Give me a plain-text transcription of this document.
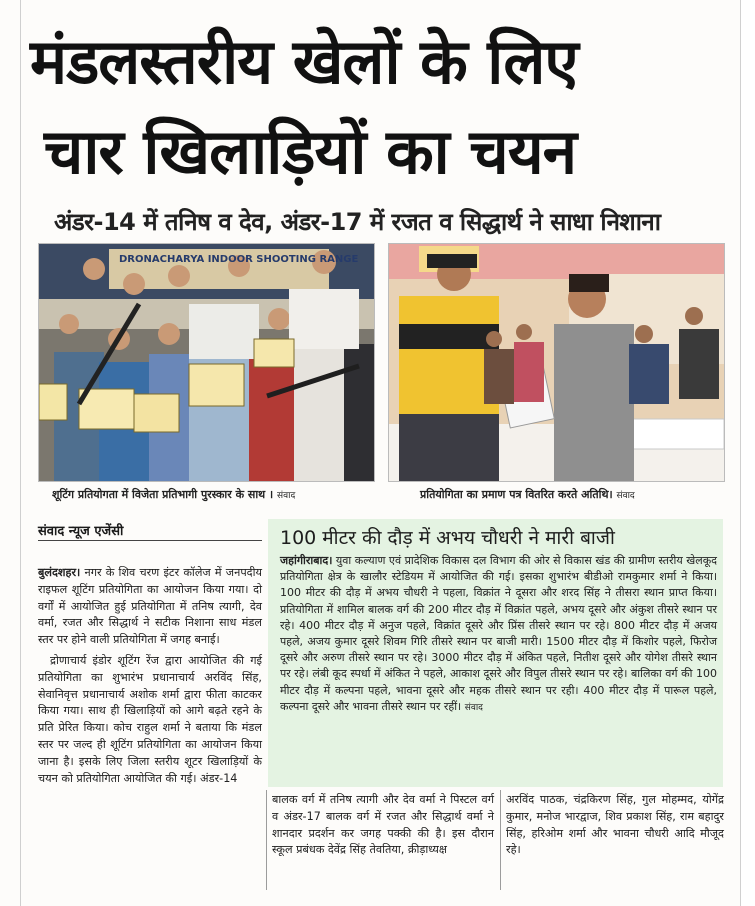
मंडलस्तरीय खेलों के लिए
चार खिलाड़ियों का चयन
अंडर-14 में तनिष व देव, अंडर-17 में रजत व सिद्धार्थ ने साधा निशाना
DRONACHARYA INDOOR SHOOTING RANGE
शूटिंग प्रतियोगता में विजेता प्रतिभागी पुरस्कार के साथ । संवाद	प्रतियोगिता का प्रमाण पत्र वितरित करते अतिथि। संवाद
संवाद न्यूज एजेंसी
बुलंदशहर। नगर के शिव चरण इंटर कॉलेज में जनपदीय राइफल शूटिंग प्रतियोगिता का आयोजन किया गया। दो वर्गों में आयोजित हुई प्रतियोगिता में तनिष त्यागी, देव वर्मा, रजत और सिद्धार्थ ने सटीक निशाना साध मंडल स्तर पर होने वाली प्रतियोगिता में जगह बनाई।
द्रोणाचार्य इंडोर शूटिंग रेंज द्वारा आयोजित की गई प्रतियोगिता का शुभारंभ प्रधानाचार्य अरविंद सिंह, सेवानिवृत्त प्रधानाचार्य अशोक शर्मा द्वारा फीता काटकर किया गया। साथ ही खिलाड़ियों को आगे बढ़ते रहने के प्रति प्रेरित किया। कोच राहुल शर्मा ने बताया कि मंडल स्तर पर जल्द ही शूटिंग प्रतियोगिता का आयोजन किया जाना है। इसके लिए जिला स्तरीय शूटर खिलाड़ियों के चयन को प्रतियोगिता आयोजित की गई। अंडर-14
बालक वर्ग में तनिष त्यागी और देव वर्मा ने पिस्टल वर्ग व अंडर-17 बालक वर्ग में रजत और सिद्धार्थ वर्मा ने शानदार प्रदर्शन कर जगह पक्की की है। इस दौरान स्कूल प्रबंधक देवेंद्र सिंह तेवतिया, क्रीड़ाध्यक्ष
अरविंद पाठक, चंद्रकिरण सिंह, गुल मोहम्मद, योगेंद्र कुमार, मनोज भारद्वाज, शिव प्रकाश सिंह, राम बहादुर सिंह, हरिओम शर्मा और भावना चौधरी आदि मौजूद रहे।
100 मीटर की दौड़ में अभय चौधरी ने मारी बाजी
जहांगीराबाद। युवा कल्याण एवं प्रादेशिक विकास दल विभाग की ओर से विकास खंड की ग्रामीण स्तरीय खेलकूद प्रतियोगिता क्षेत्र के खालौर स्टेडियम में आयोजित की गई। इसका शुभारंभ बीडीओ रामकुमार शर्मा ने किया। 100 मीटर की दौड़ में अभय चौधरी ने पहला, विक्रांत ने दूसरा और शरद सिंह ने तीसरा स्थान प्राप्त किया। प्रतियोगिता में शामिल बालक वर्ग की 200 मीटर दौड़ में विक्रांत पहले, अभय दूसरे और अंकुश तीसरे स्थान पर रहे। 400 मीटर दौड़ में अनुज पहले, विक्रांत दूसरे और प्रिंस तीसरे स्थान पर रहे। 800 मीटर दौड़ में अजय पहले, अजय कुमार दूसरे शिवम गिरि तीसरे स्थान पर बाजी मारी। 1500 मीटर दौड़ में किशोर पहले, फिरोज दूसरे और अरुण तीसरे स्थान पर रहे। 3000 मीटर दौड़ में अंकित पहले, नितीश दूसरे और योगेश तीसरे स्थान पर रहे। लंबी कूद स्पर्धा में अंकित ने पहले, आकाश दूसरे और विपुल तीसरे स्थान पर रहे। बालिका वर्ग की 100 मीटर दौड़ में कल्पना पहले, भावना दूसरे और महक तीसरे स्थान पर रही। 400 मीटर दौड़ में पारूल पहले, कल्पना दूसरे और भावना तीसरे स्थान पर रहीं। संवाद
